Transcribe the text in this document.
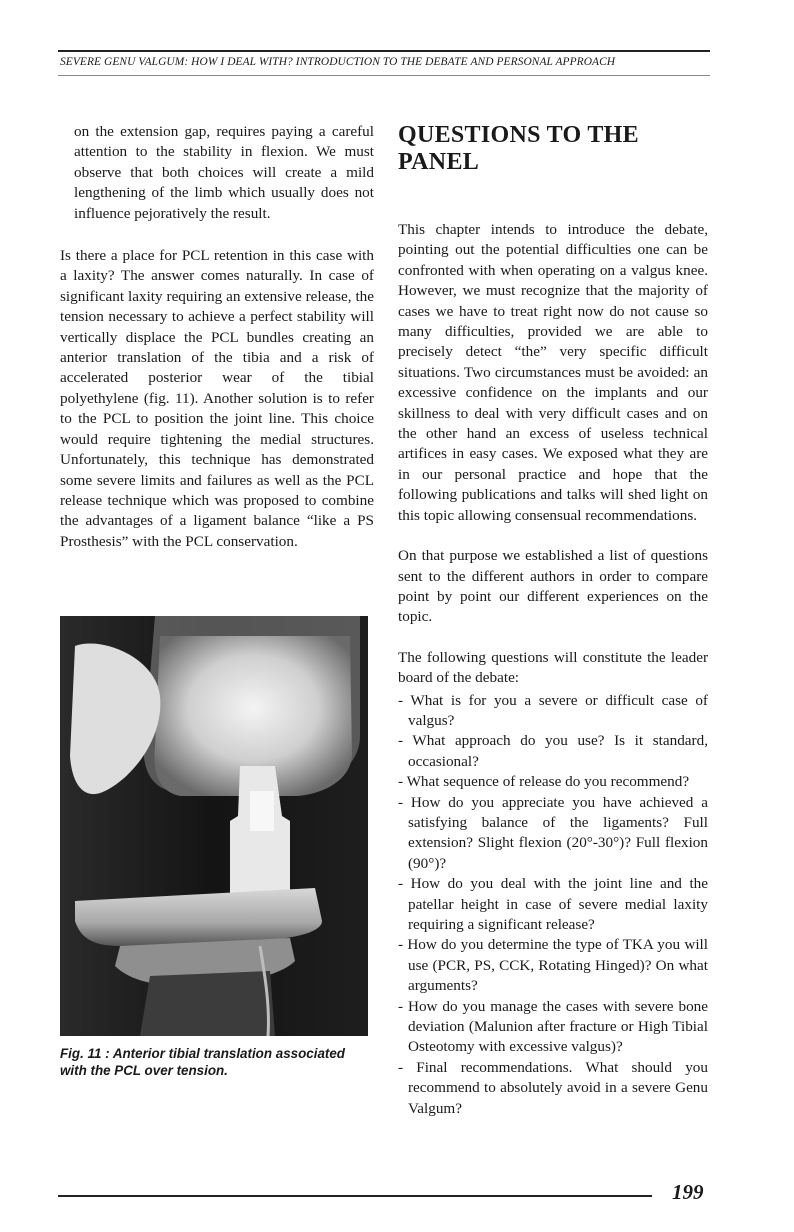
SEVERE GENU VALGUM: HOW I DEAL WITH? INTRODUCTION TO THE DEBATE AND PERSONAL APPROACH

on the extension gap, requires paying a careful attention to the stability in flexion. We must observe that both choices will create a mild lengthening of the limb which usually does not influence pejoratively the result.

Is there a place for PCL retention in this case with a laxity? The answer comes naturally. In case of significant laxity requiring an extensive release, the tension necessary to achieve a perfect stability will vertically displace the PCL bundles creating an anterior translation of the tibia and a risk of accelerated posterior wear of the tibial polyethylene (fig. 11). Another solution is to refer to the PCL to position the joint line. This choice would require tightening the medial structures. Unfortunately, this technique has demonstrated some severe limits and failures as well as the PCL release technique which was proposed to combine the advantages of a ligament balance “like a PS Prosthesis” with the PCL conservation.

Fig. 11 : Anterior tibial translation associated with the PCL over tension.
QUESTIONS TO THE PANEL

This chapter intends to introduce the debate, pointing out the potential difficulties one can be confronted with when operating on a valgus knee. However, we must recognize that the majority of cases we have to treat right now do not cause so many difficulties, provided we are able to precisely detect “the” very specific difficult situations. Two circumstances must be avoided: an excessive confidence on the implants and our skillness to deal with very difficult cases and on the other hand an excess of useless technical artifices in easy cases. We exposed what they are in our personal practice and hope that the following publications and talks will shed light on this topic allowing consensual recommendations.

On that purpose we established a list of questions sent to the different authors in order to compare point by point our different experiences on the topic.

The following questions will constitute the leader board of the debate:

- What is for you a severe or difficult case of valgus?
- What approach do you use? Is it standard, occasional?
- What sequence of release do you recommend?
- How do you appreciate you have achieved a satisfying balance of the ligaments? Full extension? Slight flexion (20°-30°)? Full flexion (90°)?
- How do you deal with the joint line and the patellar height in case of severe medial laxity requiring a significant release?
- How do you determine the type of TKA you will use (PCR, PS, CCK, Rotating Hinged)? On what arguments?
- How do you manage the cases with severe bone deviation (Malunion after fracture or High Tibial Osteotomy with excessive valgus)?
- Final recommendations. What should you recommend to absolutely avoid in a severe Genu Valgum?
199
